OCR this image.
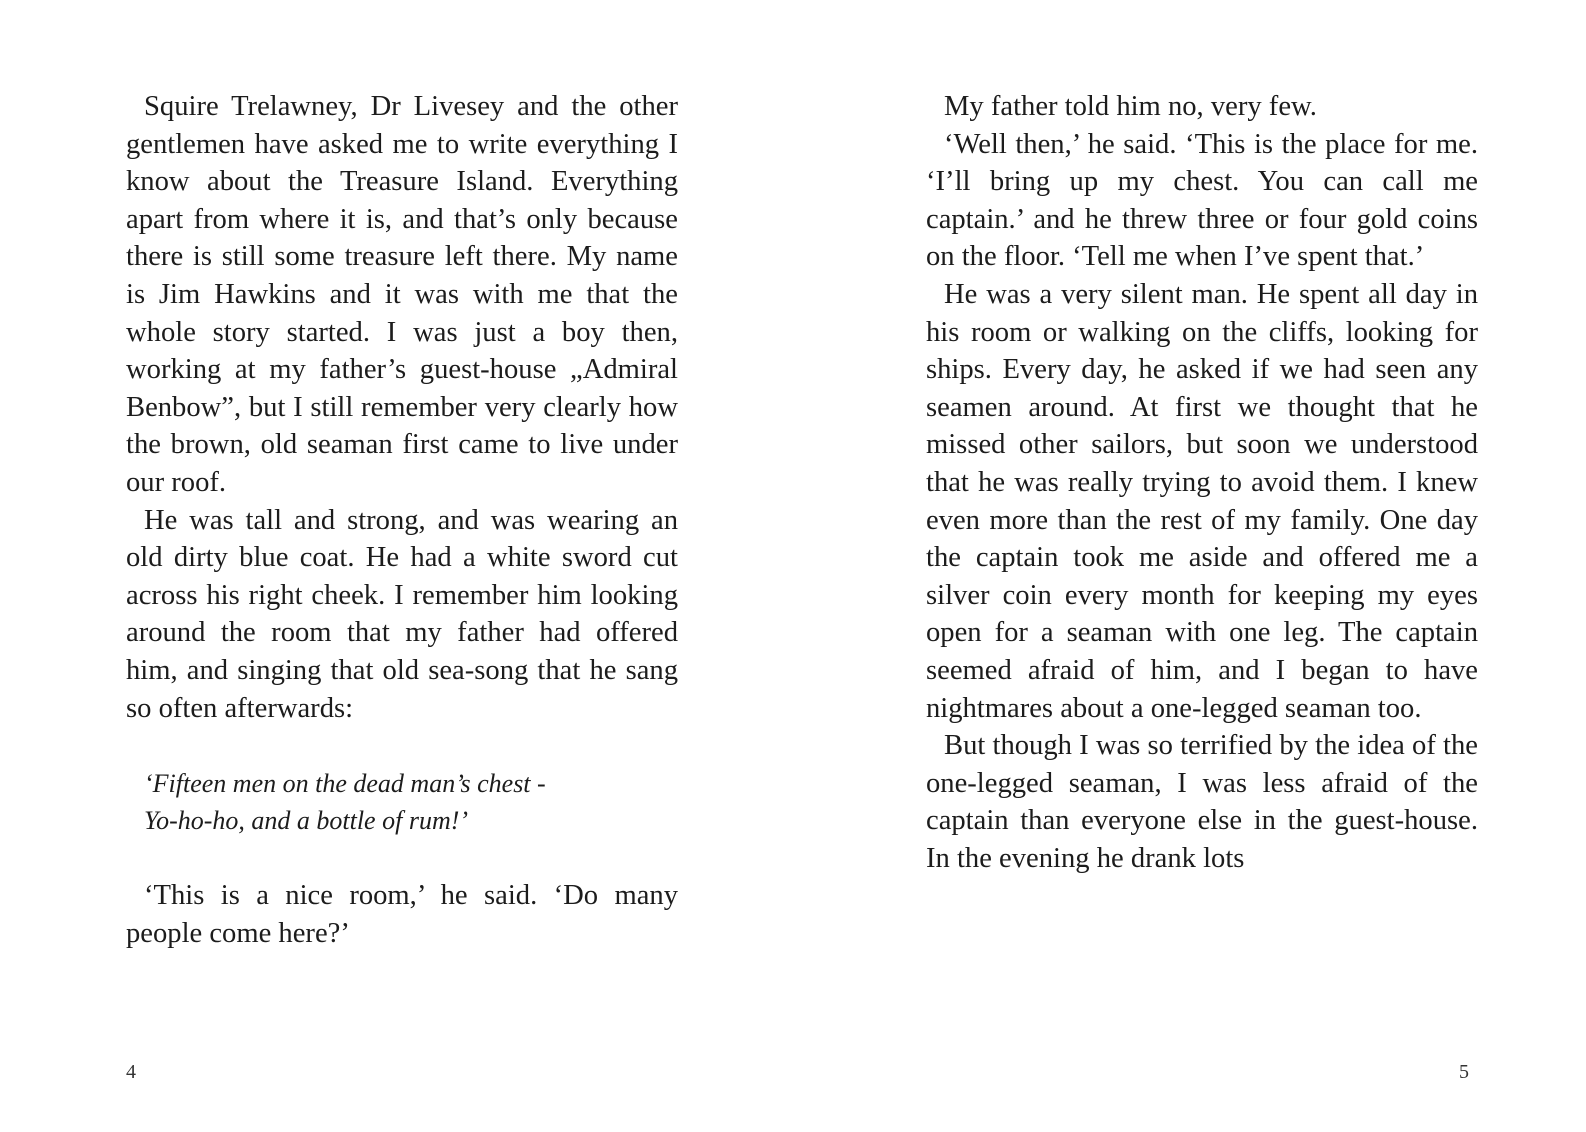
Squire Trelawney, Dr Livesey and the other gentlemen have asked me to write everything I know about the Treasure Island. Everything apart from where it is, and that’s only because there is still some treasure left there. My name is Jim Hawkins and it was with me that the whole story started. I was just a boy then, working at my father’s guest-house „Admiral Benbow”, but I still remember very clearly how the brown, old seaman first came to live under our roof.

He was tall and strong, and was wearing an old dirty blue coat. He had a white sword cut across his right cheek. I remember him looking around the room that my father had offered him, and singing that old sea-song that he sang so often afterwards:

‘Fifteen men on the dead man’s chest -
Yo-ho-ho, and a bottle of rum!’

‘This is a nice room,’ he said. ‘Do many people come here?’

My father told him no, very few.

‘Well then,’ he said. ‘This is the place for me. ‘I’ll bring up my chest. You can call me captain.’ and he threw three or four gold coins on the floor. ‘Tell me when I’ve spent that.’

He was a very silent man. He spent all day in his room or walking on the cliffs, looking for ships. Every day, he asked if we had seen any seamen around. At first we thought that he missed other sailors, but soon we understood that he was really trying to avoid them. I knew even more than the rest of my family. One day the captain took me aside and offered me a silver coin every month for keeping my eyes open for a seaman with one leg. The captain seemed afraid of him, and I began to have nightmares about a one-legged seaman too.

But though I was so terrified by the idea of the one-legged seaman, I was less afraid of the captain than everyone else in the guest-house. In the evening he drank lots

4	5
